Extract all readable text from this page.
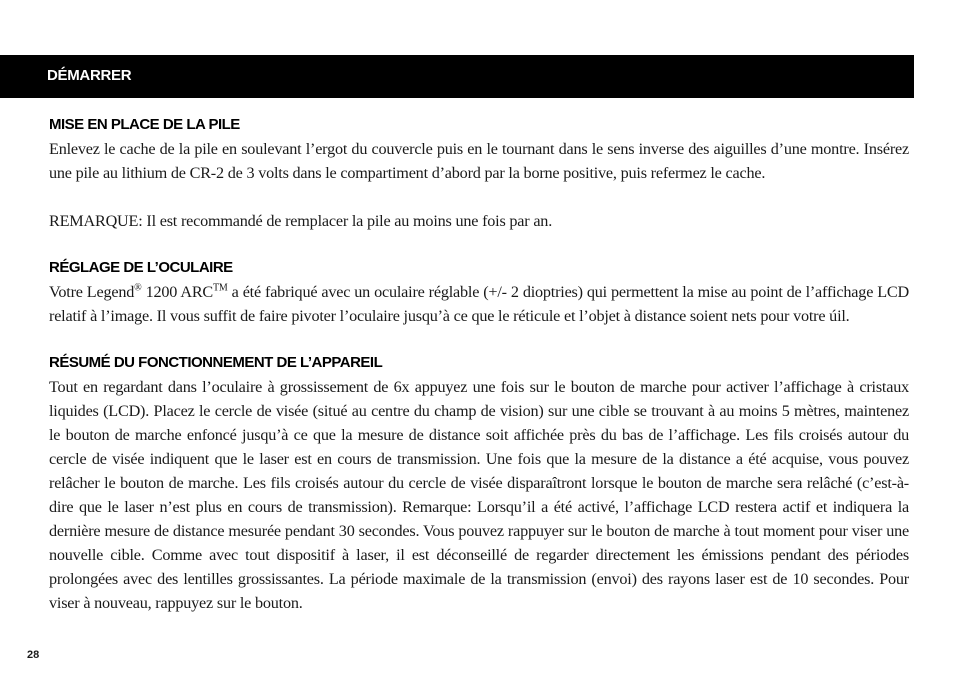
DÉMARRER
MISE EN PLACE DE LA PILE

Enlevez le cache de la pile en soulevant l’ergot du couvercle puis en le tournant dans le sens inverse des aiguilles d’une montre. Insérez une pile au lithium de CR-2 de 3 volts dans le compartiment d’abord par la borne positive, puis refermez le cache.

REMARQUE: Il est recommandé de remplacer la pile au moins une fois par an.

RÉGLAGE DE L’OCULAIRE

Votre Legend® 1200 ARC™ a été fabriqué avec un oculaire réglable (+/- 2 dioptries) qui permettent la mise au point de l’affichage LCD relatif à l’image. Il vous suffit de faire pivoter l’oculaire jusqu’à ce que le réticule et l’objet à distance soient nets pour votre úil.

RÉSUMÉ DU FONCTIONNEMENT DE L’APPAREIL

Tout en regardant dans l’oculaire à grossissement de 6x appuyez une fois sur le bouton de marche pour activer l’affichage à cristaux liquides (LCD). Placez le cercle de visée (situé au centre du champ de vision) sur une cible se trouvant à au moins 5 mètres, maintenez le bouton de marche enfoncé jusqu’à ce que la mesure de distance soit affichée près du bas de l’affichage. Les fils croisés autour du cercle de visée indiquent que le laser est en cours de transmission. Une fois que la mesure de la distance a été acquise, vous pouvez relâcher le bouton de marche. Les fils croisés autour du cercle de visée disparaîtront lorsque le bouton de marche sera relâché (c’est-à-dire que le laser n’est plus en cours de transmission). Remarque: Lorsqu’il a été activé, l’affichage LCD restera actif et indiquera la dernière mesure de distance mesurée pendant 30 secondes. Vous pouvez rappuyer sur le bouton de marche à tout moment pour viser une nouvelle cible. Comme avec tout dispositif à laser, il est déconseillé de regarder directement les émissions pendant des périodes prolongées avec des lentilles grossissantes. La période maximale de la transmission (envoi) des rayons laser est de 10 secondes. Pour viser à nouveau, rappuyez sur le bouton.

28
